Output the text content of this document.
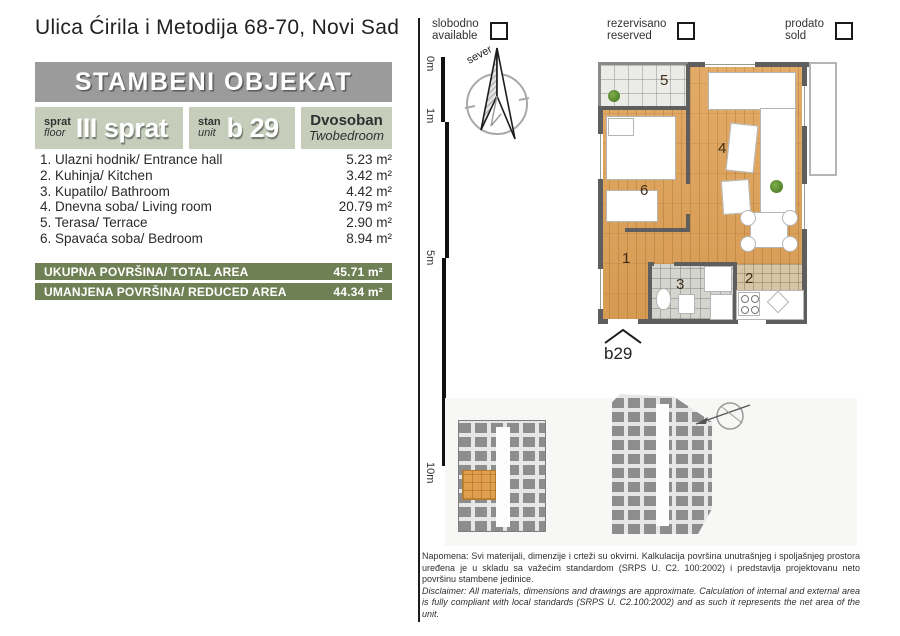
Ulica Ćirila i Metodija 68-70, Novi Sad
STAMBENI OBJEKAT
sprat
floor III sprat	stan
unit b 29 Dvosoban
Twobedroom
1. Ulazni hodnik/ Entrance hall	5.23 m²
2. Kuhinja/ Kitchen	3.42 m²
3. Kupatilo/ Bathroom	4.42 m²
4. Dnevna soba/ Living room	20.79 m²
5. Terasa/ Terrace	2.90 m²
6. Spavaća soba/ Bedroom	8.94 m²
UKUPNA POVRŠINA/ TOTAL AREA	45.71 m²
UMANJENA POVRŠINA/ REDUCED AREA	44.34 m²
slobodno
available
rezervisano
reserved
prodato
sold
0m
1m
5m
10m
sever
5
4
6
1
3	2
b29

Napomena: Svi materijali, dimenzije i crteži su okvirni. Kalkulacija površina unutrašnjeg i spoljašnjeg prostora uređena je u skladu sa važećim standardom (SRPS U. C2. 100:2002) i predstavlja projektovanu neto površinu stambene jedinice.

Disclaimer: All materials, dimensions and drawings are approximate. Calculation of internal and external area is fully compliant with local standards (SRPS U. C2.100:2002) and as such it represents the net area of the unit.
